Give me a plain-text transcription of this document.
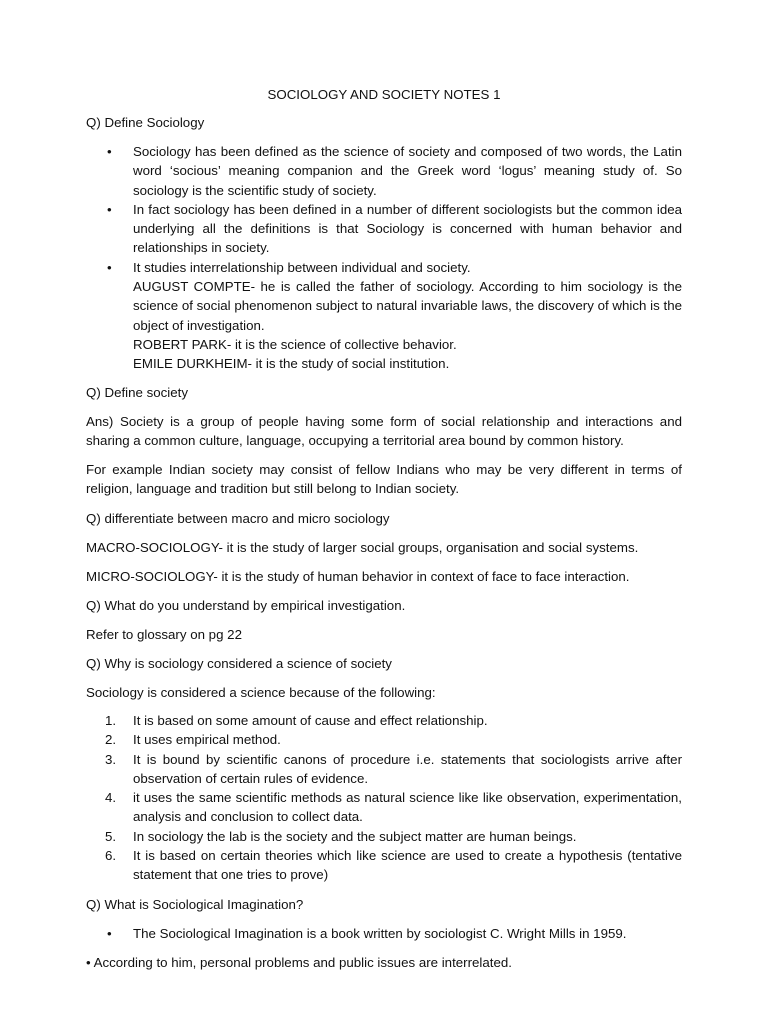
SOCIOLOGY AND SOCIETY NOTES 1
Q) Define Sociology
• Sociology has been defined as the science of society and composed of two words, the Latin word ‘socious’ meaning companion and the Greek word ‘logus’ meaning study of. So sociology is the scientific study of society.
• In fact sociology has been defined in a number of different sociologists but the common idea underlying all the definitions is that Sociology is concerned with human behavior and relationships in society.
• It studies interrelationship between individual and society.
AUGUST COMPTE- he is called the father of sociology. According to him sociology is the science of social phenomenon subject to natural invariable laws, the discovery of which is the object of investigation.
ROBERT PARK- it is the science of collective behavior.
EMILE DURKHEIM- it is the study of social institution.
Q) Define society
Ans) Society is a group of people having some form of social relationship and interactions and sharing a common culture, language, occupying a territorial area bound by common history.
For example Indian society may consist of fellow Indians who may be very different in terms of religion, language and tradition but still belong to Indian society.
Q) differentiate between macro and micro sociology
MACRO-SOCIOLOGY- it is the study of larger social groups, organisation and social systems.
MICRO-SOCIOLOGY- it is the study of human behavior in context of face to face interaction.
Q) What do you understand by empirical investigation.
Refer to glossary on pg 22
Q) Why is sociology considered a science of society
Sociology is considered a science because of the following:
1. It is based on some amount of cause and effect relationship.
2. It uses empirical method.
3. It is bound by scientific canons of procedure i.e. statements that sociologists arrive after observation of certain rules of evidence.
4. it uses the same scientific methods as natural science like like observation, experimentation, analysis and conclusion to collect data.
5. In sociology the lab is the society and the subject matter are human beings.
6. It is based on certain theories which like science are used to create a hypothesis (tentative statement that one tries to prove)
Q) What is Sociological Imagination?
• The Sociological Imagination is a book written by sociologist C. Wright Mills in 1959.
• According to him, personal problems and public issues are interrelated.
